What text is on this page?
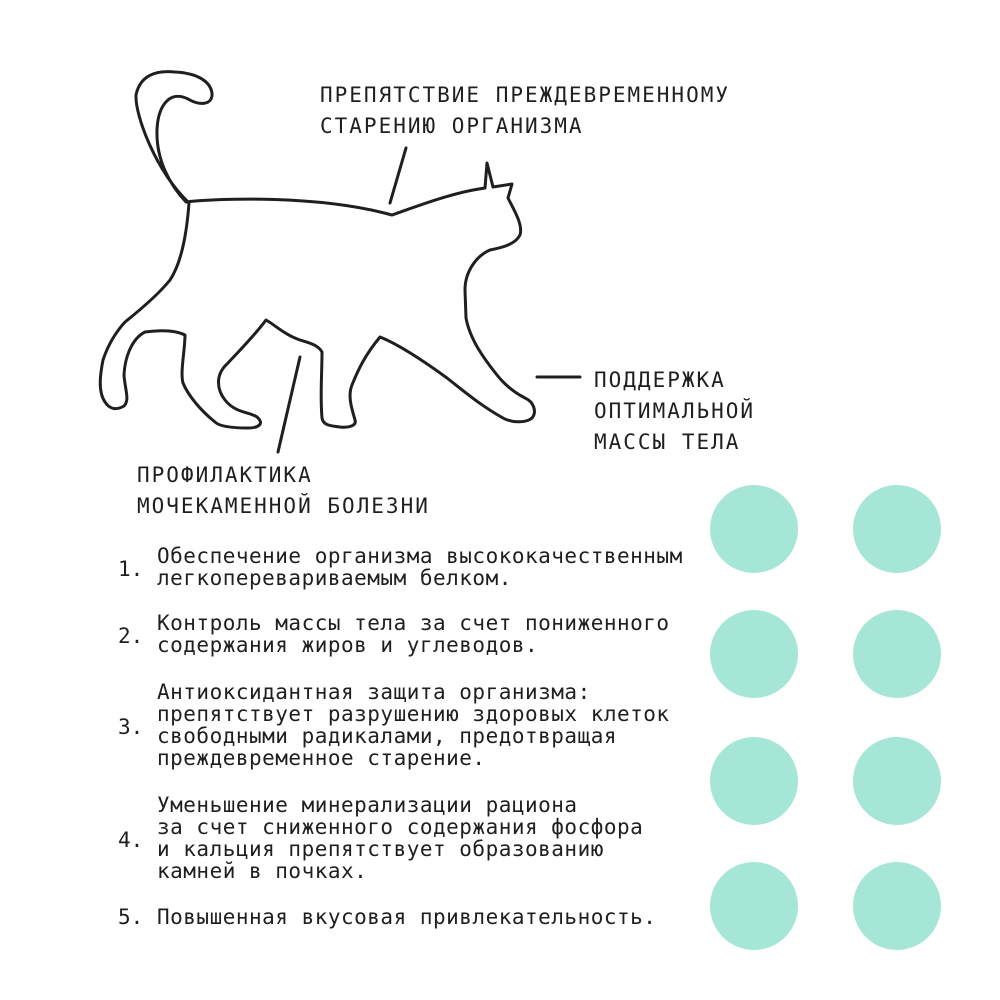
ПРЕПЯТСТВИЕ ПРЕЖДЕВРЕМЕННОМУ
СТАРЕНИЮ ОРГАНИЗМА

ПОДДЕРЖКА
ОПТИМАЛЬНОЙ
МАССЫ ТЕЛА

ПРОФИЛАКТИКА
МОЧЕКАМЕННОЙ БОЛЕЗНИ

1.
Обеспечение организма высококачественным
легкоперевариваемым белком.
2.
Контроль массы тела за счет пониженного
содержания жиров и углеводов.
3.
Антиоксидантная защита организма:
препятствует разрушению здоровых клеток
свободными радикалами, предотвращая
преждевременное старение.
4.
Уменьшение минерализации рациона
за счет сниженного содержания фосфора
и кальция препятствует образованию
камней в почках.
5. Повышенная вкусовая привлекательность.
